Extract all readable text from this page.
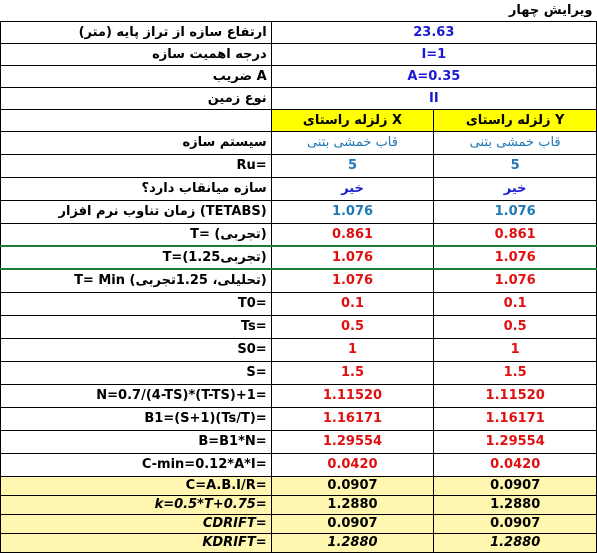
ویرایش چهار		
ارتفاع سازه از تراز پایه (متر)	23.63	
درجه اهمیت سازه	I=1	
ضریب A	A=0.35	
نوع زمین	II	
	زلزله راستای X	زلزله راستای Y
سیستم سازه	قاب خمشی بتنی	قاب خمشی بتنی
Ru=	5	5
سازه میانقاب دارد؟	خیر	خیر
زمان تناوب نرم افزار (TETABS)	1.076	1.076
T= (تجربی)	0.861	0.861
T=(1.25تجربی)	1.076	1.076
T= Min (تحلیلی، 1.25تجربی)	1.076	1.076
T0=	0.1	0.1
Ts=	0.5	0.5
S0=	1	1
S=	1.5	1.5
N=0.7/(4-TS)*(T-TS)+1=	1.11520	1.11520
B1=(S+1)(Ts/T)=	1.16171	1.16171
B=B1*N=	1.29554	1.29554
C-min=0.12*A*I=	0.0420	0.0420
C=A.B.I/R=	0.0907	0.0907
k=0.5*T+0.75=	1.2880	1.2880
CDRIFT=	0.0907	0.0907
KDRIFT=	1.2880	1.2880
